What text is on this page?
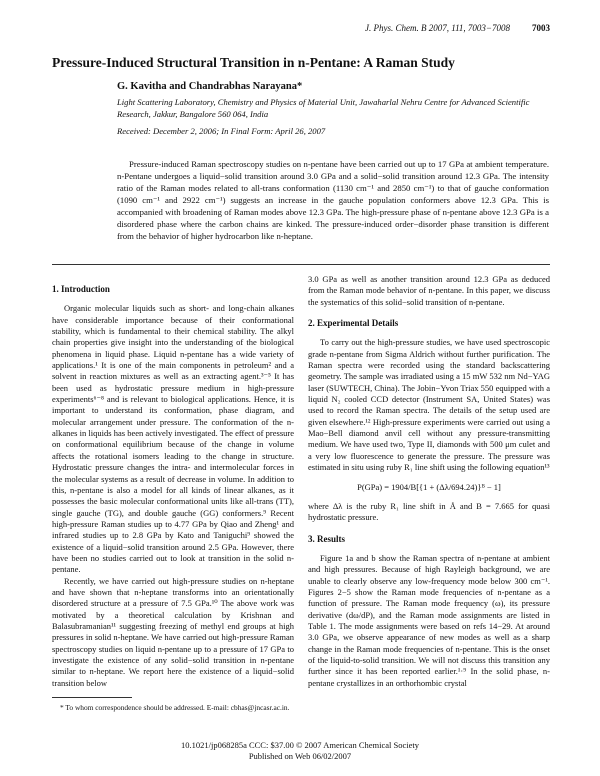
J. Phys. Chem. B 2007, 111, 7003−7008 7003
Pressure-Induced Structural Transition in n-Pentane: A Raman Study
G. Kavitha and Chandrabhas Narayana*
Light Scattering Laboratory, Chemistry and Physics of Material Unit, Jawaharlal Nehru Centre for Advanced Scientific Research, Jakkur, Bangalore 560 064, India
Received: December 2, 2006; In Final Form: April 26, 2007
Pressure-induced Raman spectroscopy studies on n-pentane have been carried out up to 17 GPa at ambient temperature. n-Pentane undergoes a liquid−solid transition around 3.0 GPa and a solid−solid transition around 12.3 GPa. The intensity ratio of the Raman modes related to all-trans conformation (1130 cm⁻¹ and 2850 cm⁻¹) to that of gauche conformation (1090 cm⁻¹ and 2922 cm⁻¹) suggests an increase in the gauche population conformers above 12.3 GPa. This is accompanied with broadening of Raman modes above 12.3 GPa. The high-pressure phase of n-pentane above 12.3 GPa is a disordered phase where the carbon chains are kinked. The pressure-induced order−disorder phase transition is different from the behavior of higher hydrocarbon like n-heptane.
1. Introduction

Organic molecular liquids such as short- and long-chain alkanes have considerable importance because of their conformational stability, which is fundamental to their chemical stability. The alkyl chain properties give insight into the understanding of the biological phenomena in liquid phase. Liquid n-pentane has a wide variety of applications.¹ It is one of the main components in petroleum² and a solvent in reaction mixtures as well as an extracting agent.³⁻⁵ It has been used as hydrostatic pressure medium in high-pressure experiments⁶⁻⁸ and is relevant to biological applications. Hence, it is important to understand its conformation, phase diagram, and molecular arrangement under pressure. The conformation of the n-alkanes in liquids has been actively investigated. The effect of pressure on conformational equilibrium because of the change in volume affects the rotational isomers leading to the change in structure. Hydrostatic pressure changes the intra- and intermolecular forces in the molecular systems as a result of decrease in volume. In addition to this, n-pentane is also a model for all kinds of linear alkanes, as it possesses the basic molecular conformational units like all-trans (TT), single gauche (TG), and double gauche (GG) conformers.⁹ Recent high-pressure Raman studies up to 4.77 GPa by Qiao and Zheng¹ and infrared studies up to 2.8 GPa by Kato and Taniguchi⁹ showed the existence of a liquid−solid transition around 2.5 GPa. However, there have been no studies carried out to look at transition in the solid n-pentane.

Recently, we have carried out high-pressure studies on n-heptane and have shown that n-heptane transforms into an orientationally disordered structure at a pressure of 7.5 GPa.¹⁰ The above work was motivated by a theoretical calculation by Krishnan and Balasubramanian¹¹ suggesting freezing of methyl end groups at high pressures in solid n-heptane. We have carried out high-pressure Raman spectroscopy studies on liquid n-pentane up to a pressure of 17 GPa to investigate the existence of any solid−solid transition in n-pentane similar to n-heptane. We report here the existence of a liquid−solid transition below

3.0 GPa as well as another transition around 12.3 GPa as deduced from the Raman mode behavior of n-pentane. In this paper, we discuss the systematics of this solid−solid transition of n-pentane.

2. Experimental Details

To carry out the high-pressure studies, we have used spectroscopic grade n-pentane from Sigma Aldrich without further purification. The Raman spectra were recorded using the standard backscattering geometry. The sample was irradiated using a 15 mW 532 nm Nd−YAG laser (SUWTECH, China). The Jobin−Yvon Triax 550 equipped with a liquid N₂ cooled CCD detector (Instrument SA, United States) was used to record the Raman spectra. The details of the setup used are given elsewhere.¹² High-pressure experiments were carried out using a Mao−Bell diamond anvil cell without any pressure-transmitting medium. We have used two, Type II, diamonds with 500 μm culet and a very low fluorescence to generate the pressure. The pressure was estimated in situ using ruby R₁ line shift using the following equation¹³

P(GPa) = 1904/B[{1 + (Δλ/694.24)}ᴮ − 1]

where Δλ is the ruby R₁ line shift in Å and B = 7.665 for quasi hydrostatic pressure.

3. Results

Figure 1a and b show the Raman spectra of n-pentane at ambient and high pressures. Because of high Rayleigh background, we are unable to clearly observe any low-frequency mode below 300 cm⁻¹. Figures 2−5 show the Raman mode frequencies of n-pentane as a function of pressure. The Raman mode frequency (ω), its pressure derivative (dω/dP), and the Raman mode assignments are listed in Table 1. The mode assignments were based on refs 14−29. At around 3.0 GPa, we observe appearance of new modes as well as a sharp change in the Raman mode frequencies of n-pentane. This is the onset of the liquid-to-solid transition. We will not discuss this transition any further since it has been reported earlier.¹·⁹ In the solid phase, n-pentane crystallizes in an orthorhombic crystal

* To whom correspondence should be addressed. E-mail: cbhas@jncasr.ac.in.
10.1021/jp068285a CCC: $37.00 © 2007 American Chemical Society
Published on Web 06/02/2007
